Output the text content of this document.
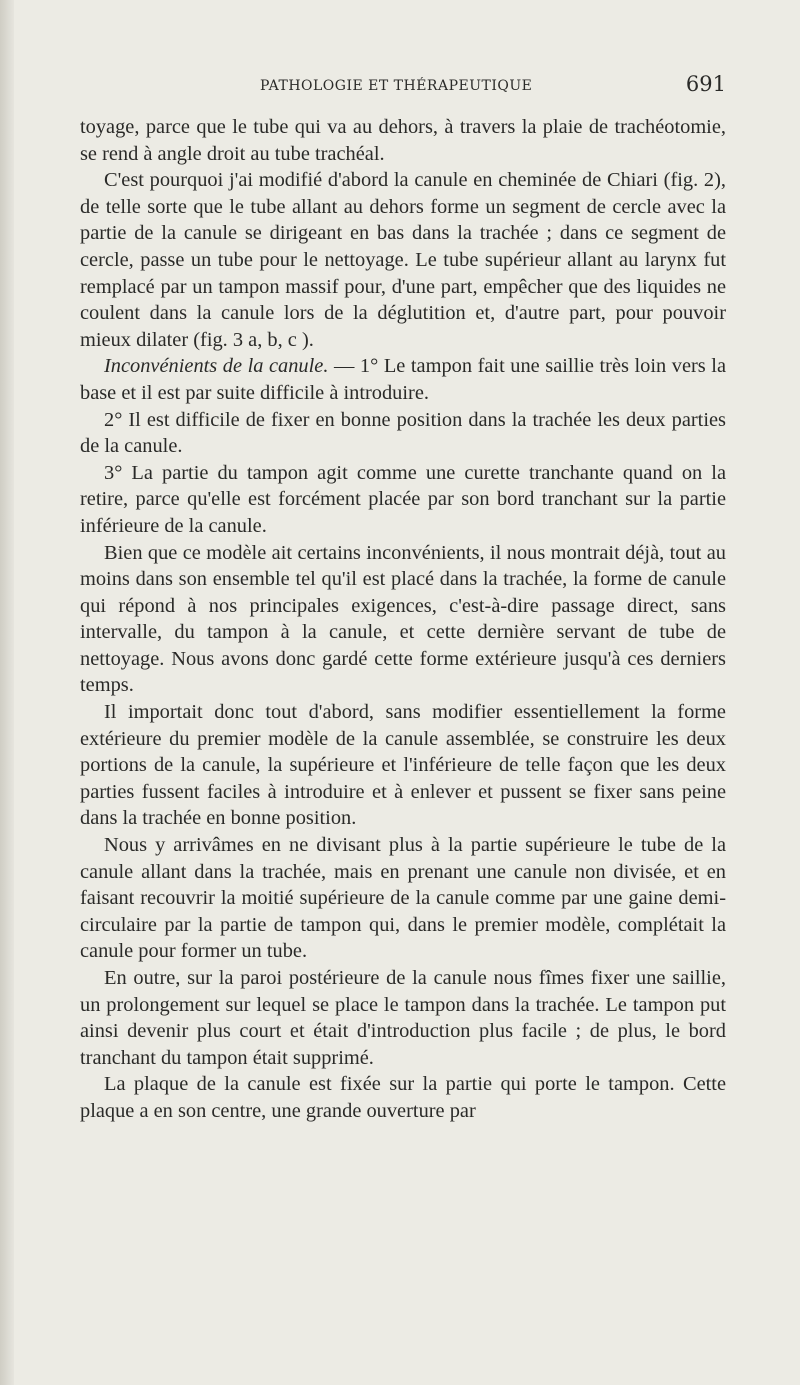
PATHOLOGIE ET THÉRAPEUTIQUE	691

toyage, parce que le tube qui va au dehors, à travers la plaie de trachéotomie, se rend à angle droit au tube trachéal.

C'est pourquoi j'ai modifié d'abord la canule en cheminée de Chiari (fig. 2), de telle sorte que le tube allant au dehors forme un segment de cercle avec la partie de la canule se dirigeant en bas dans la trachée ; dans ce segment de cercle, passe un tube pour le nettoyage. Le tube supérieur allant au larynx fut remplacé par un tampon massif pour, d'une part, empêcher que des liquides ne coulent dans la canule lors de la déglutition et, d'autre part, pour pouvoir mieux dilater (fig. 3 a, b, c ).

Inconvénients de la canule. — 1° Le tampon fait une saillie très loin vers la base et il est par suite difficile à introduire.

2° Il est difficile de fixer en bonne position dans la trachée les deux parties de la canule.

3° La partie du tampon agit comme une curette tranchante quand on la retire, parce qu'elle est forcément placée par son bord tranchant sur la partie inférieure de la canule.

Bien que ce modèle ait certains inconvénients, il nous montrait déjà, tout au moins dans son ensemble tel qu'il est placé dans la trachée, la forme de canule qui répond à nos principales exigences, c'est-à-dire passage direct, sans intervalle, du tampon à la canule, et cette dernière servant de tube de nettoyage. Nous avons donc gardé cette forme extérieure jusqu'à ces derniers temps.

Il importait donc tout d'abord, sans modifier essentiellement la forme extérieure du premier modèle de la canule assemblée, se construire les deux portions de la canule, la supérieure et l'inférieure de telle façon que les deux parties fussent faciles à introduire et à enlever et pussent se fixer sans peine dans la trachée en bonne position.

Nous y arrivâmes en ne divisant plus à la partie supérieure le tube de la canule allant dans la trachée, mais en prenant une canule non divisée, et en faisant recouvrir la moitié supérieure de la canule comme par une gaine demi-circulaire par la partie de tampon qui, dans le premier modèle, complétait la canule pour former un tube.

En outre, sur la paroi postérieure de la canule nous fîmes fixer une saillie, un prolongement sur lequel se place le tampon dans la trachée. Le tampon put ainsi devenir plus court et était d'introduction plus facile ; de plus, le bord tranchant du tampon était supprimé.

La plaque de la canule est fixée sur la partie qui porte le tampon. Cette plaque a en son centre, une grande ouverture par
